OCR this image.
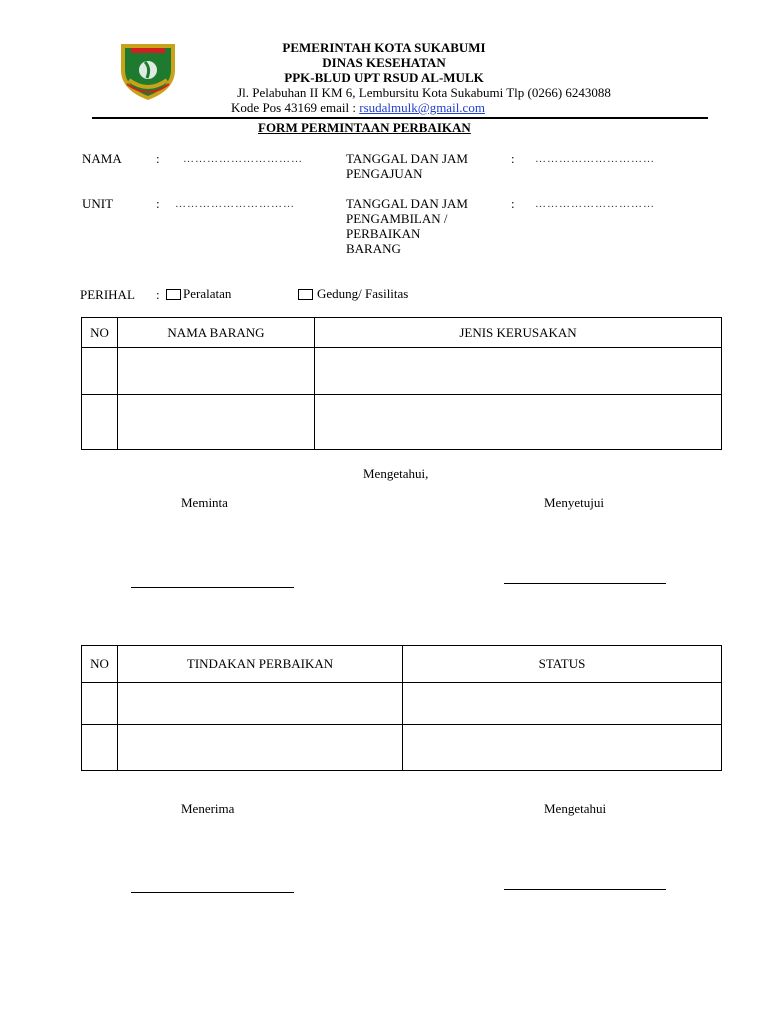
PEMERINTAH KOTA SUKABUMI
DINAS KESEHATAN
PPK-BLUD UPT RSUD AL-MULK
Jl. Pelabuhan II KM 6, Lembursitu Kota Sukabumi Tlp (0266) 6243088
Kode Pos 43169 email : rsudalmulk@gmail.com
FORM PERMINTAAN PERBAIKAN
NAMA	: …………………………	TANGGAL DAN JAM
PENGAJUAN
: …………………………
UNIT	: …………………………	TANGGAL DAN JAM
PENGAMBILAN /
PERBAIKAN
BARANG
: …………………………
PERIHAL : Peralatan	Gedung/ Fasilitas
NO	NAMA BARANG	JENIS KERUSAKAN

Mengetahui,
Meminta	Menyetujui
NO	TINDAKAN PERBAIKAN	STATUS

Menerima	Mengetahui
